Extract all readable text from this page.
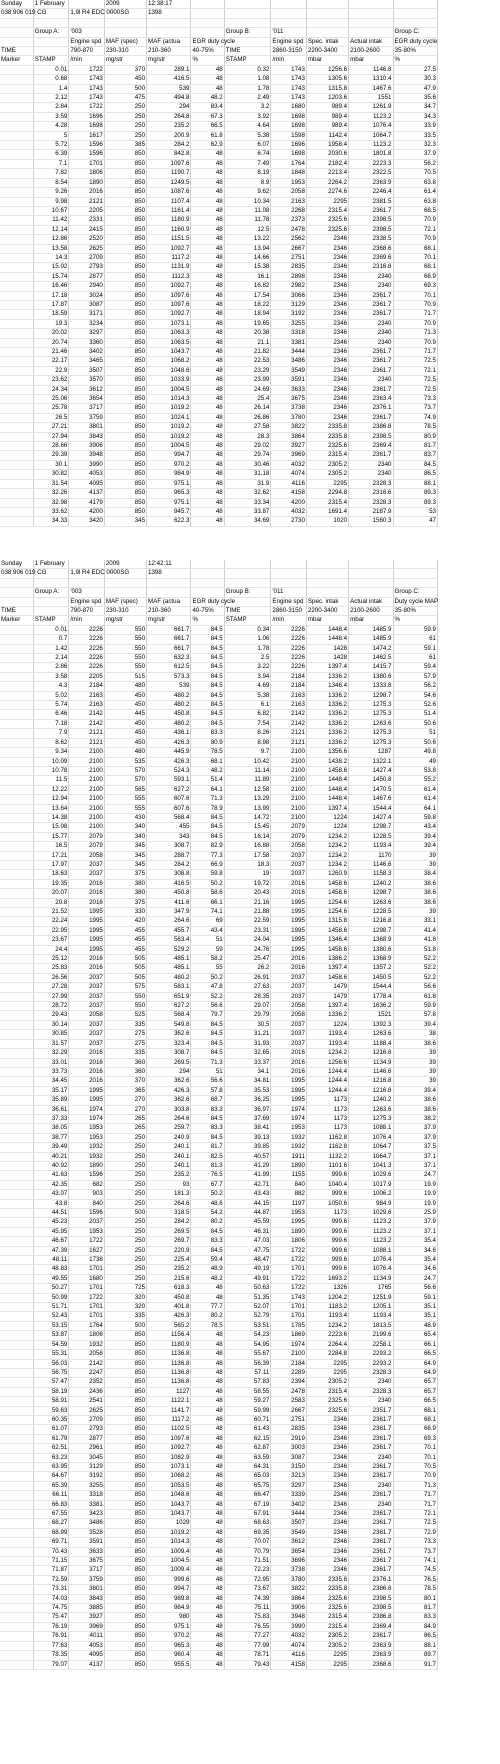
Sunday	1 February		2009	12:38:17						
038 906 019 CG		1,9l R4 EDC 0000SG		1398						

	Group A:	'003				Group B:	'011			Group C:
		Engine spd	MAF (spec)	MAF (actua	EGR duty cycle		Engine spd	Spec. intak	Actual intak	EGR duty cycle
TIME		790-870	230-310	210-360	40-75%	TIME	2860-3150	2200-3400	2100-2600	35-80%
Marker	STAMP	/min	mg/str	mg/str	%	STAMP	/min	mbar	mbar	%
	0.01	1722	370	289.1	48	0.32	1743	1256.6	1146.8	27.5
	0.68	1743	450	416.5	48	1.08	1743	1305.6	1310.4	30.3
	1.4	1743	500	539	48	1.78	1743	1315.8	1467.6	47.9
	2.12	1743	475	494.8	48.2	2.49	1743	1203.6	1551	35.6
	2.84	1722	250	294	83.4	3.2	1680	989.4	1261.9	34.7
	3.59	1696	250	264.8	67.3	3.92	1698	989.4	1123.2	34.3
	4.28	1698	250	235.2	66.5	4.64	1698	989.4	1076.4	33.9
	5	1617	250	200.9	61.8	5.38	1598	1142.4	1064.7	33.5
	5.72	1596	385	284.2	62.9	6.07	1696	1958.4	1123.2	32.3
	6.39	1596	850	842.8	48	6.74	1698	2030.6	1801.8	37.9
	7.1	1701	850	1097.6	48	7.49	1764	2182.4	2223.3	56.2
	7.82	1806	850	1190.7	48	8.19	1848	2213.4	2322.5	70.5
	8.54	1890	850	1249.5	48	8.9	1953	2264.2	2363.9	63.8
	9.26	2016	850	1087.6	48	9.62	2058	2274.6	2246.4	61.4
	9.98	2121	850	1107.4	48	10.34	2163	2295	2381.5	63.8
	10.67	2205	850	1161.4	48	11.08	2268	2315.4	2361.7	68.5
	11.42	2331	850	1180.9	48	11.78	2373	2325.6	2398.5	70.9
	12.14	2415	850	1160.9	48	12.5	2478	2325.6	2398.5	72.1
	12.86	2520	850	1151.5	48	13.22	2562	2346	2338.5	70.9
	13.58	2625	850	1092.7	48	13.94	2667	2346	2368.6	68.1
	14.3	2709	850	1117.2	48	14.66	2751	2346	2369.6	70.1
	15.02	2793	850	1131.9	48	15.38	2835	2346	2316.8	68.1
	15.74	2877	850	1112.3	48	16.1	2898	2346	2340	68.9
	16.46	2940	850	1092.7	48	16.82	2982	2346	2340	69.3
	17.18	3024	850	1097.6	48	17.54	3066	2346	2361.7	70.1
	17.87	3087	850	1097.6	48	18.22	3129	2346	2361.7	70.9
	18.59	3171	850	1092.7	48	18.94	3192	2346	2361.7	71.7
	19.3	3234	850	1073.1	48	19.65	3255	2346	2340	70.9
	20.02	3297	850	1063.3	48	20.38	3318	2346	2340	71.3
	20.74	3360	850	1063.5	48	21.1	3381	2346	2340	70.9
	21.46	3402	850	1043.7	48	21.82	3444	2346	2361.7	71.7
	22.17	3465	850	1068.2	48	22.53	3486	2346	2361.7	72.5
	22.9	3507	850	1048.6	48	23.29	3549	2346	2361.7	72.1
	23.62	3570	850	1033.9	48	23.99	3591	2346	2340	72.5
	24.34	3612	850	1004.5	48	24.69	3633	2346	2361.7	72.5
	25.06	3654	850	1014.3	48	25.4	3675	2346	2363.4	73.3
	25.78	3717	850	1019.2	48	26.14	3738	2346	2376.1	73.7
	26.5	3759	850	1024.1	48	26.86	3780	2346	2361.7	74.9
	27.21	3801	850	1019.2	48	27.58	3822	2335.8	2386.8	78.5
	27.94	3843	850	1019.2	48	28.3	3864	2335.8	2398.5	80.9
	28.66	3906	850	1004.5	48	29.02	3927	2325.6	2369.4	81.7
	29.39	3948	850	994.7	48	29.74	3969	2315.4	2361.7	83.7
	30.1	3990	850	970.2	48	30.46	4032	2305.2	2340	84.5
	30.82	4053	850	984.9	48	31.18	4074	2305.2	2340	86.5
	31.54	4095	850	975.1	48	31.9	4116	2295	2328.3	88.1
	32.26	4137	850	965.3	48	32.62	4158	2294.8	2316.6	89.3
	32.98	4179	850	975.1	48	33.34	4200	2315.4	2328.3	89.3
	33.62	4200	850	945.7	48	33.87	4032	1691.4	2187.9	53
	34.33	3420	345	622.3	48	34.69	2730	1020	1560.3	47
Sunday	1 February		2009	12:42:11						
038 906 019 CG		1,9l R4 EDC 0000SG		1398						

	Group A:	'003				Group B:	'011			Group C:
		Engine spd	MAF (spec)	MAF (actua	EGR duty cycle		Engine spd	Spec. intak	Actual intak	Duty cycle MAP
TIME		790-870	230-310	210-360	40-75%	TIME	2860-3150	2200-3400	2100-2600	35-80%
Marker	STAMP	/min	mg/str	mg/str	%	STAMP	/min	mbar	mbar	%
	0.01	2226	550	661.7	84.5	0.34	2226	1448.4	1485.9	59.9
	0.7	2226	550	661.7	84.5	1.06	2226	1448.4	1485.9	61
	1.42	2226	550	661.7	84.5	1.78	2226	1428	1474.2	59.1
	2.14	2226	550	632.3	84.5	2.5	2226	1428	1462.5	61
	2.86	2226	550	612.5	84.5	3.22	2226	1397.4	1415.7	59.4
	3.58	2205	515	573.3	84.5	3.94	2184	1336.2	1380.6	57.9
	4.3	2184	480	539	84.5	4.69	2184	1346.4	1333.8	56.2
	5.02	2163	450	480.2	84.5	5.38	2163	1336.2	1298.7	54.6
	5.74	2163	450	480.2	84.5	6.1	2163	1336.2	1275.3	52.6
	6.46	2142	445	450.8	84.5	6.82	2142	1336.2	1275.3	51.4
	7.18	2142	450	480.2	84.5	7.54	2142	1336.2	1263.6	50.6
	7.9	2121	450	436.1	83.3	8.26	2121	1336.2	1275.3	51
	8.62	2121	450	426.3	80.9	8.98	2121	1336.2	1275.3	50.6
	9.34	2100	480	445.9	78.5	9.7	2100	1356.6	1287	49.8
	10.09	2100	535	426.3	68.1	10.42	2100	1438.2	1322.1	49
	10.78	2100	570	524.3	48.2	11.14	2100	1458.6	1427.4	53.8
	11.5	2100	570	593.1	51.4	11.89	2100	1448.4	1450.8	55.2
	12.22	2100	565	627.2	64.1	12.58	2100	1448.4	1470.5	61.4
	12.94	2100	555	607.6	71.3	13.29	2100	1448.4	1467.6	61.4
	13.64	2100	555	607.6	78.9	13.99	2100	1397.4	1544.4	64.1
	14.38	2100	430	568.4	84.5	14.72	2100	1224	1427.4	59.8
	15.08	2100	340	455	84.5	15.45	2079	1224	1298.7	43.4
	15.77	2079	340	343	84.5	16.14	2079	1234.2	1228.5	39.4
	16.5	2079	345	308.7	82.9	16.88	2058	1234.2	1193.4	39.4
	17.21	2058	345	288.7	77.3	17.58	2037	1234.2	1170	39
	17.97	2037	345	284.2	66.9	18.3	2037	1234.2	1146.6	39
	18.63	2037	375	308.8	59.8	19	2037	1260.9	1158.3	38.4
	19.35	2016	380	416.5	50.2	19.72	2016	1458.6	1240.2	38.6
	20.07	2016	380	450.8	58.6	20.43	2016	1458.6	1298.7	38.6
	20.8	2016	375	411.6	66.1	21.16	1995	1254.6	1263.6	38.6
	21.52	1995	330	347.9	74.1	21.88	1995	1254.6	1228.5	39
	22.24	1995	420	264.6	69	22.59	1995	1315.8	1216.8	33.1
	22.95	1995	455	455.7	43.4	23.31	1995	1458.6	1298.7	41.4
	23.67	1995	455	563.4	51	24.04	1995	1346.4	1368.9	41.8
	24.4	1995	455	529.2	59	24.76	1995	1458.6	1380.6	51.8
	25.12	2016	505	485.1	58.2	25.47	2016	1386.2	1368.9	52.2
	25.83	2016	505	485.1	55	26.2	2016	1397.4	1357.2	52.2
	26.56	2037	505	480.2	50.2	26.91	2037	1458.6	1450.5	52.2
	27.28	2037	575	583.1	47.8	27.63	2037	1479	1544.4	56.6
	27.99	2037	550	651.9	52.2	28.35	2037	1479	1778.4	61.8
	28.72	2037	550	627.2	56.6	29.07	2058	1397.4	1636.2	59.9
	29.43	2058	525	568.4	79.7	29.79	2058	1336.2	1521	57.8
	30.14	2037	335	549.8	84.5	30.5	2037	1224	1392.3	39.4
	30.85	2037	275	362.6	84.5	31.21	2037	1193.4	1263.6	38
	31.57	2037	275	323.4	84.5	31.93	2037	1193.4	1188.4	38.6
	32.29	2016	335	308.7	84.5	32.65	2016	1234.2	1216.8	39
	33.01	2016	360	269.5	71.3	33.37	2016	1256.6	1134.9	39
	33.73	2016	360	294	51	34.1	2016	1244.4	1146.6	39
	34.45	2016	370	362.6	56.6	34.81	1995	1244.4	1216.8	39
	35.17	1995	365	426.3	57.8	35.53	1995	1244.4	1216.8	39.4
	35.89	1995	270	362.6	68.7	36.25	1995	1173	1240.2	38.6
	36.61	1974	270	303.8	83.3	36.97	1974	1173	1263.6	38.6
	37.33	1974	265	264.6	84.5	37.69	1974	1173	1275.3	38.2
	38.05	1953	265	259.7	83.3	38.41	1953	1173	1088.1	37.9
	38.77	1953	250	240.9	84.5	39.13	1932	1162.8	1076.4	37.9
	39.49	1932	250	240.1	81.7	39.85	1932	1162.8	1064.7	37.5
	40.21	1932	250	240.1	82.5	40.57	1911	1132.2	1064.7	37.1
	40.92	1890	250	240.1	81.3	41.29	1890	1101.6	1041.3	37.1
	41.63	1596	250	235.2	76.5	41.99	1155	999.6	1029.6	24.7
	42.35	682	250	93	67.7	42.71	840	1040.4	1017.9	19.9
	43.07	903	250	181.3	50.2	43.43	882	999.6	1006.2	19.9
	43.8	840	250	264.6	48.6	44.15	1197	1050.6	984.9	19.9
	44.51	1596	500	318.5	54.2	44.87	1953	1173	1029.6	25.9
	45.23	2037	250	284.2	80.2	45.59	1995	999.6	1123.2	37.9
	45.95	1953	250	269.5	84.5	46.31	1890	999.6	1123.2	37.1
	46.67	1722	250	269.7	83.3	47.03	1806	999.6	1123.2	35.4
	47.39	1627	250	220.9	84.5	47.75	1722	999.6	1088.1	34.6
	48.11	1738	250	225.4	59.4	48.47	1722	999.6	1076.4	35.4
	48.83	1701	250	235.2	48.9	49.19	1701	999.6	1076.4	34.6
	49.55	1680	250	215.6	48.2	49.91	1722	1693.2	1134.9	24.7
	50.27	1701	725	618.3	48	50.63	1722	1326	1765	56.6
	50.99	1722	320	450.8	48	51.35	1743	1204.2	1251.9	59.1
	51.71	1701	320	401.8	77.7	52.07	1701	1183.2	1205.1	35.1
	52.43	1701	335	426.3	80.2	52.79	1701	1193.4	1193.4	35.1
	53.15	1764	500	565.2	78.5	53.51	1785	1234.2	1813.5	48.9
	53.87	1806	850	1156.4	48	54.23	1869	2223.6	2199.6	65.4
	54.59	1932	850	1180.9	48	54.95	1974	2264.4	2258.1	66.1
	55.31	2058	850	1136.8	48	55.67	2100	2284.8	2293.2	66.5
	56.03	2142	850	1136.8	48	56.39	2184	2295	2293.2	64.9
	56.75	2247	850	1136.8	48	57.11	2289	2295	2328.3	64.9
	57.47	2352	850	1136.8	48	57.83	2394	2305.2	2340	65.7
	58.19	2436	850	1127	48	58.55	2478	2315.4	2328.3	65.7
	58.91	2541	850	1122.1	48	59.27	2583	2325.6	2340	66.5
	59.63	2625	850	1141.7	48	59.99	2667	2325.6	2351.7	68.1
	60.35	2709	850	1117.2	48	60.71	2751	2346	2361.7	68.1
	61.07	2793	850	1102.5	48	61.43	2835	2346	2361.7	68.9
	61.79	2877	850	1097.6	48	62.15	2919	2346	2361.7	69.3
	62.51	2961	850	1092.7	48	62.87	3003	2346	2361.7	70.1
	63.23	3045	850	1082.9	48	63.59	3087	2346	2340	70.1
	63.95	3129	850	1073.1	48	64.31	3150	2346	2361.7	70.5
	64.67	3192	850	1068.2	48	65.03	3213	2346	2361.7	70.9
	65.39	3255	850	1053.5	48	65.75	3297	2346	2340	71.3
	66.11	3318	850	1048.6	48	66.47	3339	2346	2361.7	71.7
	66.83	3381	850	1043.7	48	67.19	3402	2346	2340	71.7
	67.55	3423	850	1043.7	48	67.91	3444	2346	2361.7	72.1
	68.27	3486	850	1029	48	68.63	3507	2346	2361.7	72.5
	68.99	3528	850	1019.2	48	69.35	3549	2346	2361.7	72.9
	69.71	3591	850	1014.3	48	70.07	3612	2346	2361.7	73.3
	70.43	3633	850	1009.4	48	70.79	3654	2346	2361.7	73.7
	71.15	3675	850	1004.5	48	71.51	3696	2346	2361.7	74.1
	71.87	3717	850	1009.4	48	72.23	3738	2346	2361.7	74.5
	72.59	3759	850	999.6	48	72.95	3780	2335.8	2376.1	76.5
	73.31	3801	850	994.7	48	73.67	3822	2335.8	2386.8	78.5
	74.03	3843	850	989.8	48	74.39	3864	2325.6	2398.5	80.1
	74.75	3885	850	984.9	48	75.11	3906	2325.6	2398.5	81.7
	75.47	3927	850	980	48	75.83	3948	2315.4	2386.8	83.3
	76.19	3969	850	975.1	48	76.55	3990	2315.4	2369.4	84.9
	76.91	4011	850	970.2	48	77.27	4032	2305.2	2361.7	86.5
	77.63	4053	850	965.3	48	77.99	4074	2305.2	2363.9	88.1
	78.35	4095	850	960.4	48	78.71	4116	2295	2363.9	89.7
	79.07	4137	850	955.5	48	79.43	4158	2295	2368.6	91.7
